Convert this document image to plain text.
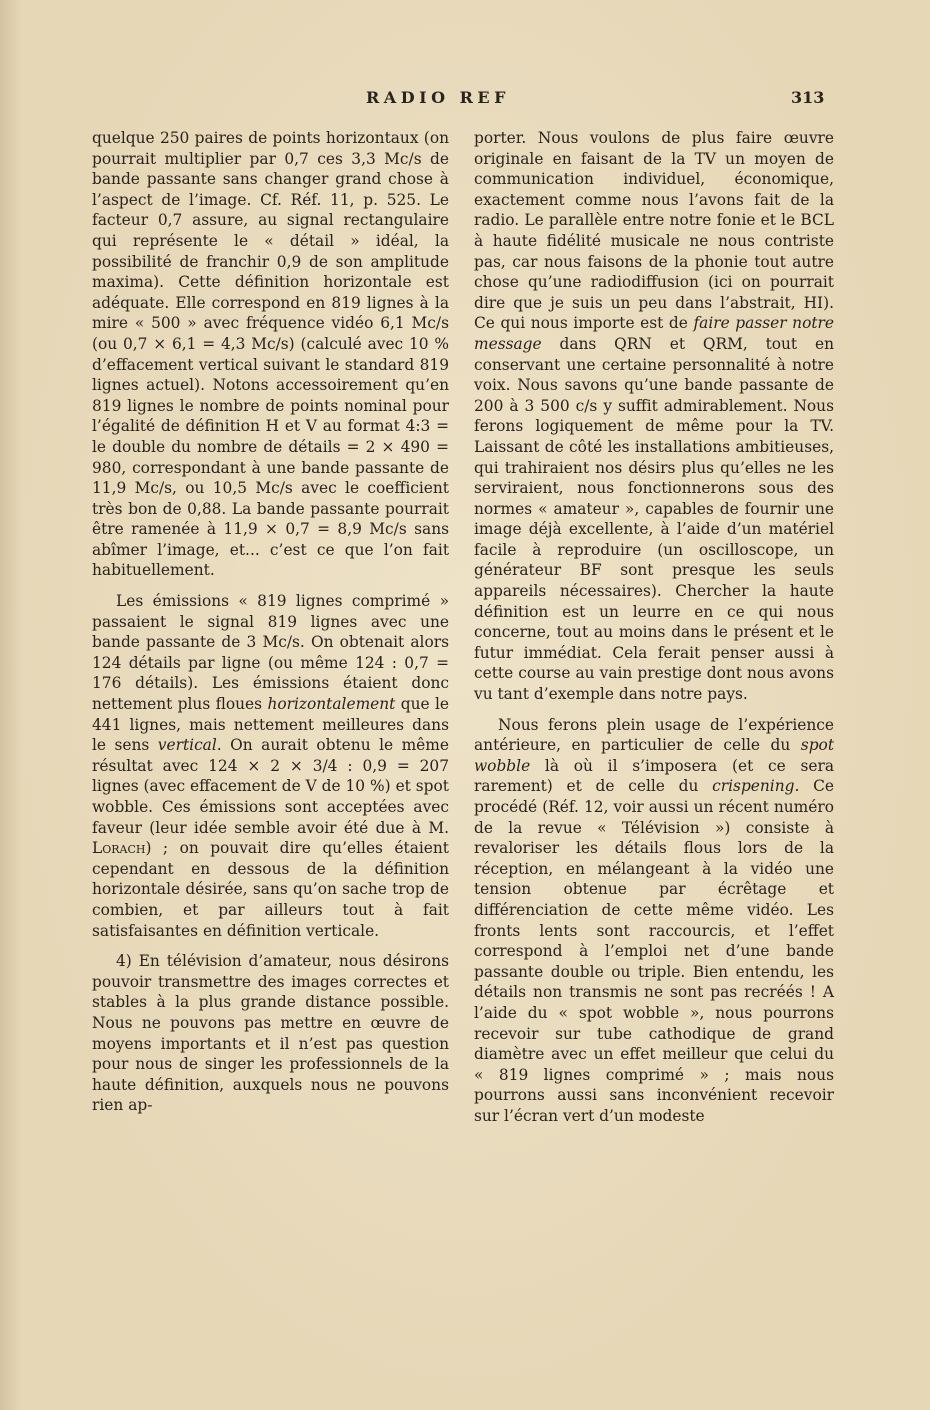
RADIO REF	313

quelque 250 paires de points horizontaux (on pourrait multiplier par 0,7 ces 3,3 Mc/s de bande passante sans changer grand chose à l’aspect de l’image. Cf. Réf. 11, p. 525. Le facteur 0,7 assure, au signal rectangulaire qui représente le « détail » idéal, la possibilité de franchir 0,9 de son amplitude maxima). Cette définition horizontale est adéquate. Elle correspond en 819 lignes à la mire « 500 » avec fréquence vidéo 6,1 Mc/s (ou 0,7 × 6,1 = 4,3 Mc/s) (calculé avec 10 % d’effacement vertical suivant le standard 819 lignes actuel). Notons accessoirement qu’en 819 lignes le nombre de points nominal pour l’égalité de définition H et V au format 4:3 = le double du nombre de détails = 2 × 490 = 980, correspondant à une bande passante de 11,9 Mc/s, ou 10,5 Mc/s avec le coefficient très bon de 0,88. La bande passante pourrait être ramenée à 11,9 × 0,7 = 8,9 Mc/s sans abîmer l’image, et... c’est ce que l’on fait habituellement.

Les émissions « 819 lignes comprimé » passaient le signal 819 lignes avec une bande passante de 3 Mc/s. On obtenait alors 124 détails par ligne (ou même 124 : 0,7 = 176 détails). Les émissions étaient donc nettement plus floues horizontalement que le 441 lignes, mais nettement meilleures dans le sens vertical. On aurait obtenu le même résultat avec 124 × 2 × 3/4 : 0,9 = 207 lignes (avec effacement de V de 10 %) et spot wobble. Ces émissions sont acceptées avec faveur (leur idée semble avoir été due à M. Lorach) ; on pouvait dire qu’elles étaient cependant en dessous de la définition horizontale désirée, sans qu’on sache trop de combien, et par ailleurs tout à fait satisfaisantes en définition verticale.

4) En télévision d’amateur, nous désirons pouvoir transmettre des images correctes et stables à la plus grande distance possible. Nous ne pouvons pas mettre en œuvre de moyens importants et il n’est pas question pour nous de singer les professionnels de la haute définition, auxquels nous ne pouvons rien ap-

porter. Nous voulons de plus faire œuvre originale en faisant de la TV un moyen de communication individuel, économique, exactement comme nous l’avons fait de la radio. Le parallèle entre notre fonie et le BCL à haute fidélité musicale ne nous contriste pas, car nous faisons de la phonie tout autre chose qu’une radiodiffusion (ici on pourrait dire que je suis un peu dans l’abstrait, HI). Ce qui nous importe est de faire passer notre message dans QRN et QRM, tout en conservant une certaine personnalité à notre voix. Nous savons qu’une bande passante de 200 à 3 500 c/s y suffit admirablement. Nous ferons logiquement de même pour la TV. Laissant de côté les installations ambitieuses, qui trahiraient nos désirs plus qu’elles ne les serviraient, nous fonctionnerons sous des normes « amateur », capables de fournir une image déjà excellente, à l’aide d’un matériel facile à reproduire (un oscilloscope, un générateur BF sont presque les seuls appareils nécessaires). Chercher la haute définition est un leurre en ce qui nous concerne, tout au moins dans le présent et le futur immédiat. Cela ferait penser aussi à cette course au vain prestige dont nous avons vu tant d’exemple dans notre pays.

Nous ferons plein usage de l’expérience antérieure, en particulier de celle du spot wobble là où il s’imposera (et ce sera rarement) et de celle du crispening. Ce procédé (Réf. 12, voir aussi un récent numéro de la revue « Télévision ») consiste à revaloriser les détails flous lors de la réception, en mélangeant à la vidéo une tension obtenue par écrêtage et différenciation de cette même vidéo. Les fronts lents sont raccourcis, et l’effet correspond à l’emploi net d’une bande passante double ou triple. Bien entendu, les détails non transmis ne sont pas recréés ! A l’aide du « spot wobble », nous pourrons recevoir sur tube cathodique de grand diamètre avec un effet meilleur que celui du « 819 lignes comprimé » ; mais nous pourrons aussi sans inconvénient recevoir sur l’écran vert d’un modeste
